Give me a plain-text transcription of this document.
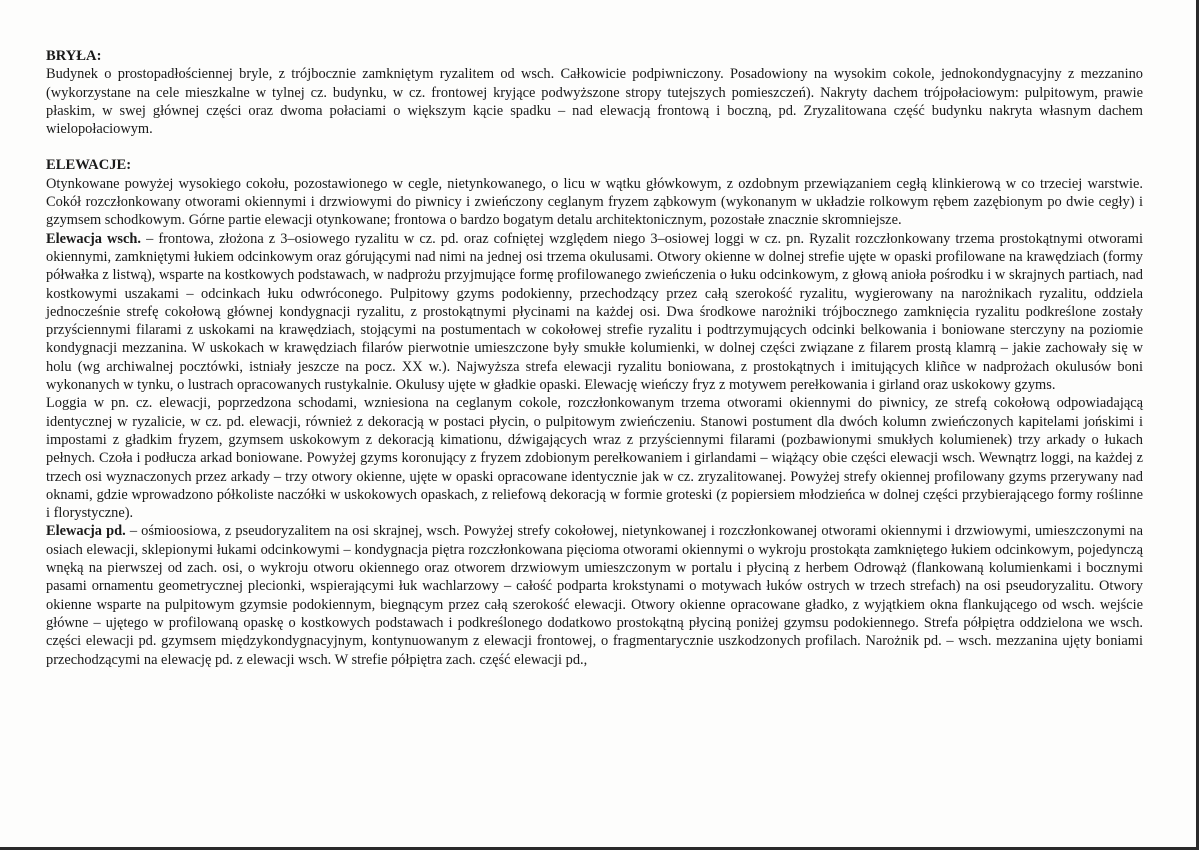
BRYŁA:

Budynek o prostopadłościennej bryle, z trójbocznie zamkniętym ryzalitem od wsch. Całkowicie podpiwniczony. Posadowiony na wysokim cokole, jednokondygnacyjny z mezzanino (wykorzystane na cele mieszkalne w tylnej cz. budynku, w cz. frontowej kryjące podwyższone stropy tutejszych pomieszczeń). Nakryty dachem trójpołaciowym: pulpitowym, prawie płaskim, w swej głównej części oraz dwoma połaciami o większym kącie spadku – nad elewacją frontową i boczną, pd. Zryzalitowana część budynku nakryta własnym dachem wielopołaciowym.

ELEWACJE:

Otynkowane powyżej wysokiego cokołu, pozostawionego w cegle, nietynkowanego, o licu w wątku główkowym, z ozdobnym przewiązaniem cegłą klinkierową w co trzeciej warstwie. Cokół rozczłonkowany otworami okiennymi i drzwiowymi do piwnicy i zwieńczony ceglanym fryzem ząbkowym (wykonanym w układzie rolkowym rębem zazębionym po dwie cegły) i gzymsem schodkowym. Górne partie elewacji otynkowane; frontowa o bardzo bogatym detalu architektonicznym, pozostałe znacznie skromniejsze.

Elewacja wsch. – frontowa, złożona z 3–osiowego ryzalitu w cz. pd. oraz cofniętej względem niego 3–osiowej loggi w cz. pn. Ryzalit rozczłonkowany trzema prostokątnymi otworami okiennymi, zamkniętymi łukiem odcinkowym oraz górującymi nad nimi na jednej osi trzema okulusami. Otwory okienne w dolnej strefie ujęte w opaski profilowane na krawędziach (formy półwałka z listwą), wsparte na kostkowych podstawach, w nadprożu przyjmujące formę profilowanego zwieńczenia o łuku odcinkowym, z głową anioła pośrodku i w skrajnych partiach, nad kostkowymi uszakami – odcinkach łuku odwróconego. Pulpitowy gzyms podokienny, przechodzący przez całą szerokość ryzalitu, wygierowany na narożnikach ryzalitu, oddziela jednocześnie strefę cokołową głównej kondygnacji ryzalitu, z prostokątnymi płycinami na każdej osi. Dwa środkowe narożniki trójbocznego zamknięcia ryzalitu podkreślone zostały przyściennymi filarami z uskokami na krawędziach, stojącymi na postumentach w cokołowej strefie ryzalitu i podtrzymujących odcinki belkowania i boniowane sterczyny na poziomie kondygnacji mezzanina. W uskokach w krawędziach filarów pierwotnie umieszczone były smukłe kolumienki, w dolnej części związane z filarem prostą klamrą – jakie zachowały się w holu (wg archiwalnej pocztówki, istniały jeszcze na pocz. XX w.). Najwyższa strefa elewacji ryzalitu boniowana, z prostokątnych i imitujących kliñce w nadprożach okulusów boni wykonanych w tynku, o lustrach opracowanych rustykalnie. Okulusy ujęte w gładkie opaski. Elewację wieńczy fryz z motywem perełkowania i girland oraz uskokowy gzyms.

Loggia w pn. cz. elewacji, poprzedzona schodami, wzniesiona na ceglanym cokole, rozczłonkowanym trzema otworami okiennymi do piwnicy, ze strefą cokołową odpowiadającą identycznej w ryzalicie, w cz. pd. elewacji, również z dekoracją w postaci płycin, o pulpitowym zwieńczeniu. Stanowi postument dla dwóch kolumn zwieńczonych kapitelami jońskimi i impostami z gładkim fryzem, gzymsem uskokowym z dekoracją kimationu, dźwigających wraz z przyściennymi filarami (pozbawionymi smukłych kolumienek) trzy arkady o łukach pełnych. Czoła i podłucza arkad boniowane. Powyżej gzyms koronujący z fryzem zdobionym perełkowaniem i girlandami – wiążący obie części elewacji wsch. Wewnątrz loggi, na każdej z trzech osi wyznaczonych przez arkady – trzy otwory okienne, ujęte w opaski opracowane identycznie jak w cz. zryzalitowanej. Powyżej strefy okiennej profilowany gzyms przerywany nad oknami, gdzie wprowadzono półkoliste naczółki w uskokowych opaskach, z reliefową dekoracją w formie groteski (z popiersiem młodzieńca w dolnej części przybierającego formy roślinne i florystyczne).

Elewacja pd. – ośmioosiowa, z pseudoryzalitem na osi skrajnej, wsch. Powyżej strefy cokołowej, nietynkowanej i rozczłonkowanej otworami okiennymi i drzwiowymi, umieszczonymi na osiach elewacji, sklepionymi łukami odcinkowymi – kondygnacja piętra rozczłonkowana pięcioma otworami okiennymi o wykroju prostokąta zamkniętego łukiem odcinkowym, pojedynczą wnęką na pierwszej od zach. osi, o wykroju otworu okiennego oraz otworem drzwiowym umieszczonym w portalu i płyciną z herbem Odrowąż (flankowaną kolumienkami i bocznymi pasami ornamentu geometrycznej plecionki, wspierającymi łuk wachlarzowy – całość podparta krokstynami o motywach łuków ostrych w trzech strefach) na osi pseudoryzalitu. Otwory okienne wsparte na pulpitowym gzymsie podokiennym, biegnącym przez całą szerokość elewacji. Otwory okienne opracowane gładko, z wyjątkiem okna flankującego od wsch. wejście główne – ujętego w profilowaną opaskę o kostkowych podstawach i podkreślonego dodatkowo prostokątną płyciną poniżej gzymsu podokiennego. Strefa półpiętra oddzielona we wsch. części elewacji pd. gzymsem międzykondygnacyjnym, kontynuowanym z elewacji frontowej, o fragmentarycznie uszkodzonych profilach. Narożnik pd. – wsch. mezzanina ujęty boniami przechodzącymi na elewację pd. z elewacji wsch. W strefie półpiętra zach. część elewacji pd.,
